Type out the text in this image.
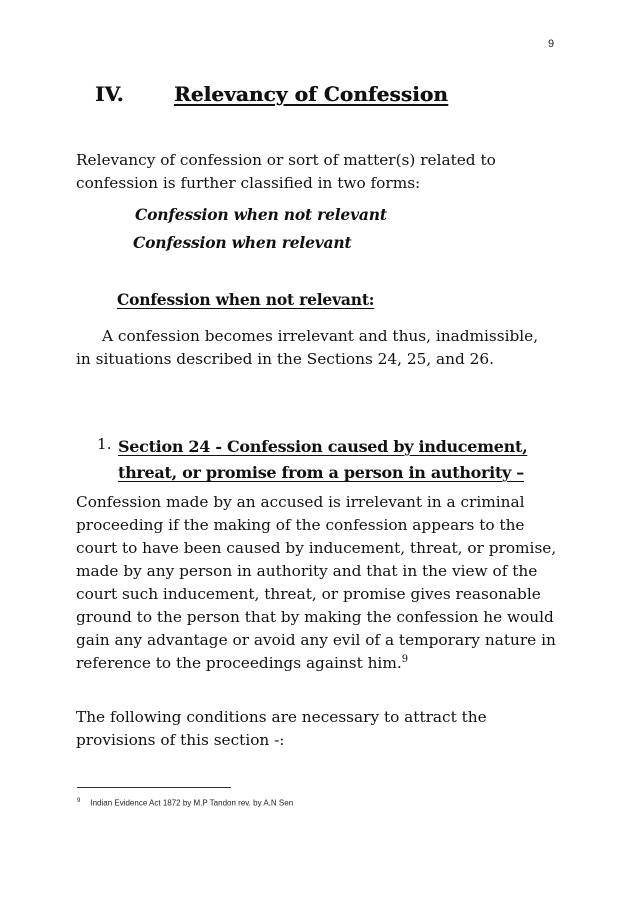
9
IV.	Relevancy of Confession

Relevancy of confession or sort of matter(s) related to confession is further classified in two forms:

Confession when not relevant

Confession when relevant

Confession when not relevant:

A confession becomes irrelevant and thus, inadmissible, in situations described in the Sections 24, 25, and 26.

1. Section 24 - Confession caused by inducement, threat, or promise from a person in authority –

Confession made by an accused is irrelevant in a criminal proceeding if the making of the confession appears to the court to have been caused by inducement, threat, or promise, made by any person in authority and that in the view of the court such inducement, threat, or promise gives reasonable ground to the person that by making the confession he would gain any advantage or avoid any evil of a temporary nature in reference to the proceedings against him.$^9$

The following conditions are necessary to attract the provisions of this section -:

$^9$ Indian Evidence Act 1872 by M.P Tandon rev. by A.N Sen
